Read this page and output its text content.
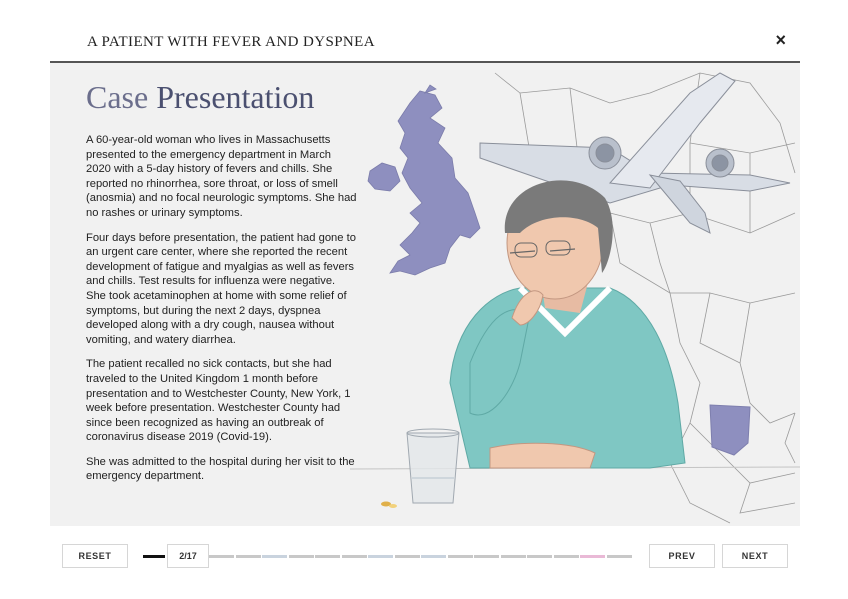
A PATIENT WITH FEVER AND DYSPNEA	×
Case Presentation

A 60-year-old woman who lives in Massachusetts presented to the emergency department in March 2020 with a 5-day history of fevers and chills. She reported no rhinorrhea, sore throat, or loss of smell (anosmia) and no focal neurologic symptoms. She had no rashes or urinary symptoms.

Four days before presentation, the patient had gone to an urgent care center, where she reported the recent development of fatigue and myalgias as well as fevers and chills. Test results for influenza were negative. She took acetaminophen at home with some relief of symptoms, but during the next 2 days, dyspnea developed along with a dry cough, nausea without vomiting, and watery diarrhea.

The patient recalled no sick contacts, but she had traveled to the United Kingdom 1 month before presentation and to Westchester County, New York, 1 week before presentation. Westchester County had since been recognized as having an outbreak of coronavirus disease 2019 (Covid-19).

She was admitted to the hospital during her visit to the emergency department.

RESET	2/17	PREV	NEXT
